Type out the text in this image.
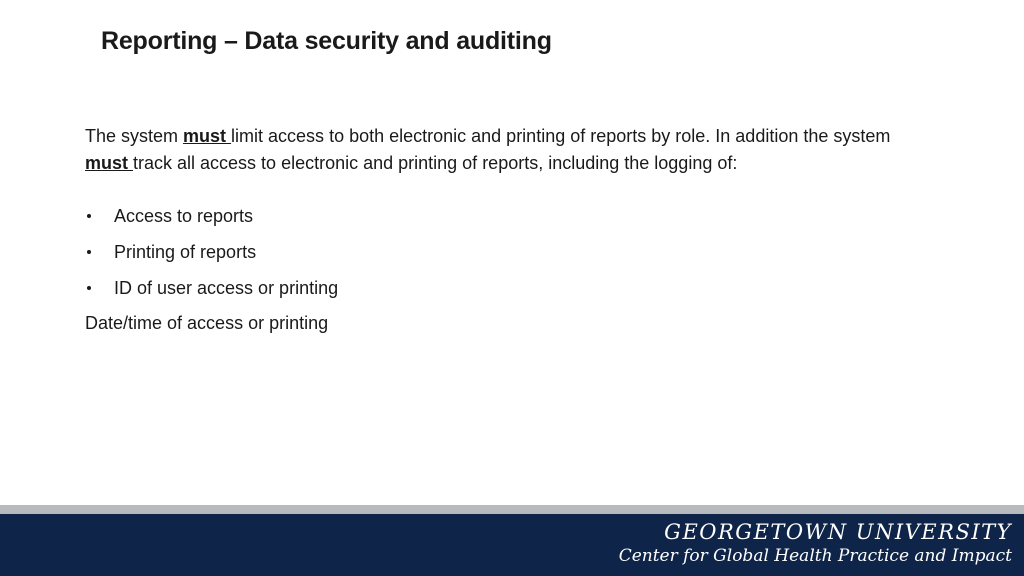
Reporting – Data security and auditing

The system must limit access to both electronic and printing of reports by role. In addition the system

must track all access to electronic and printing of reports, including the logging of:

Access to reports
Printing of reports
ID of user access or printing
Date/time of access or printing
GEORGETOWN UNIVERSITY
Center for Global Health Practice and Impact
